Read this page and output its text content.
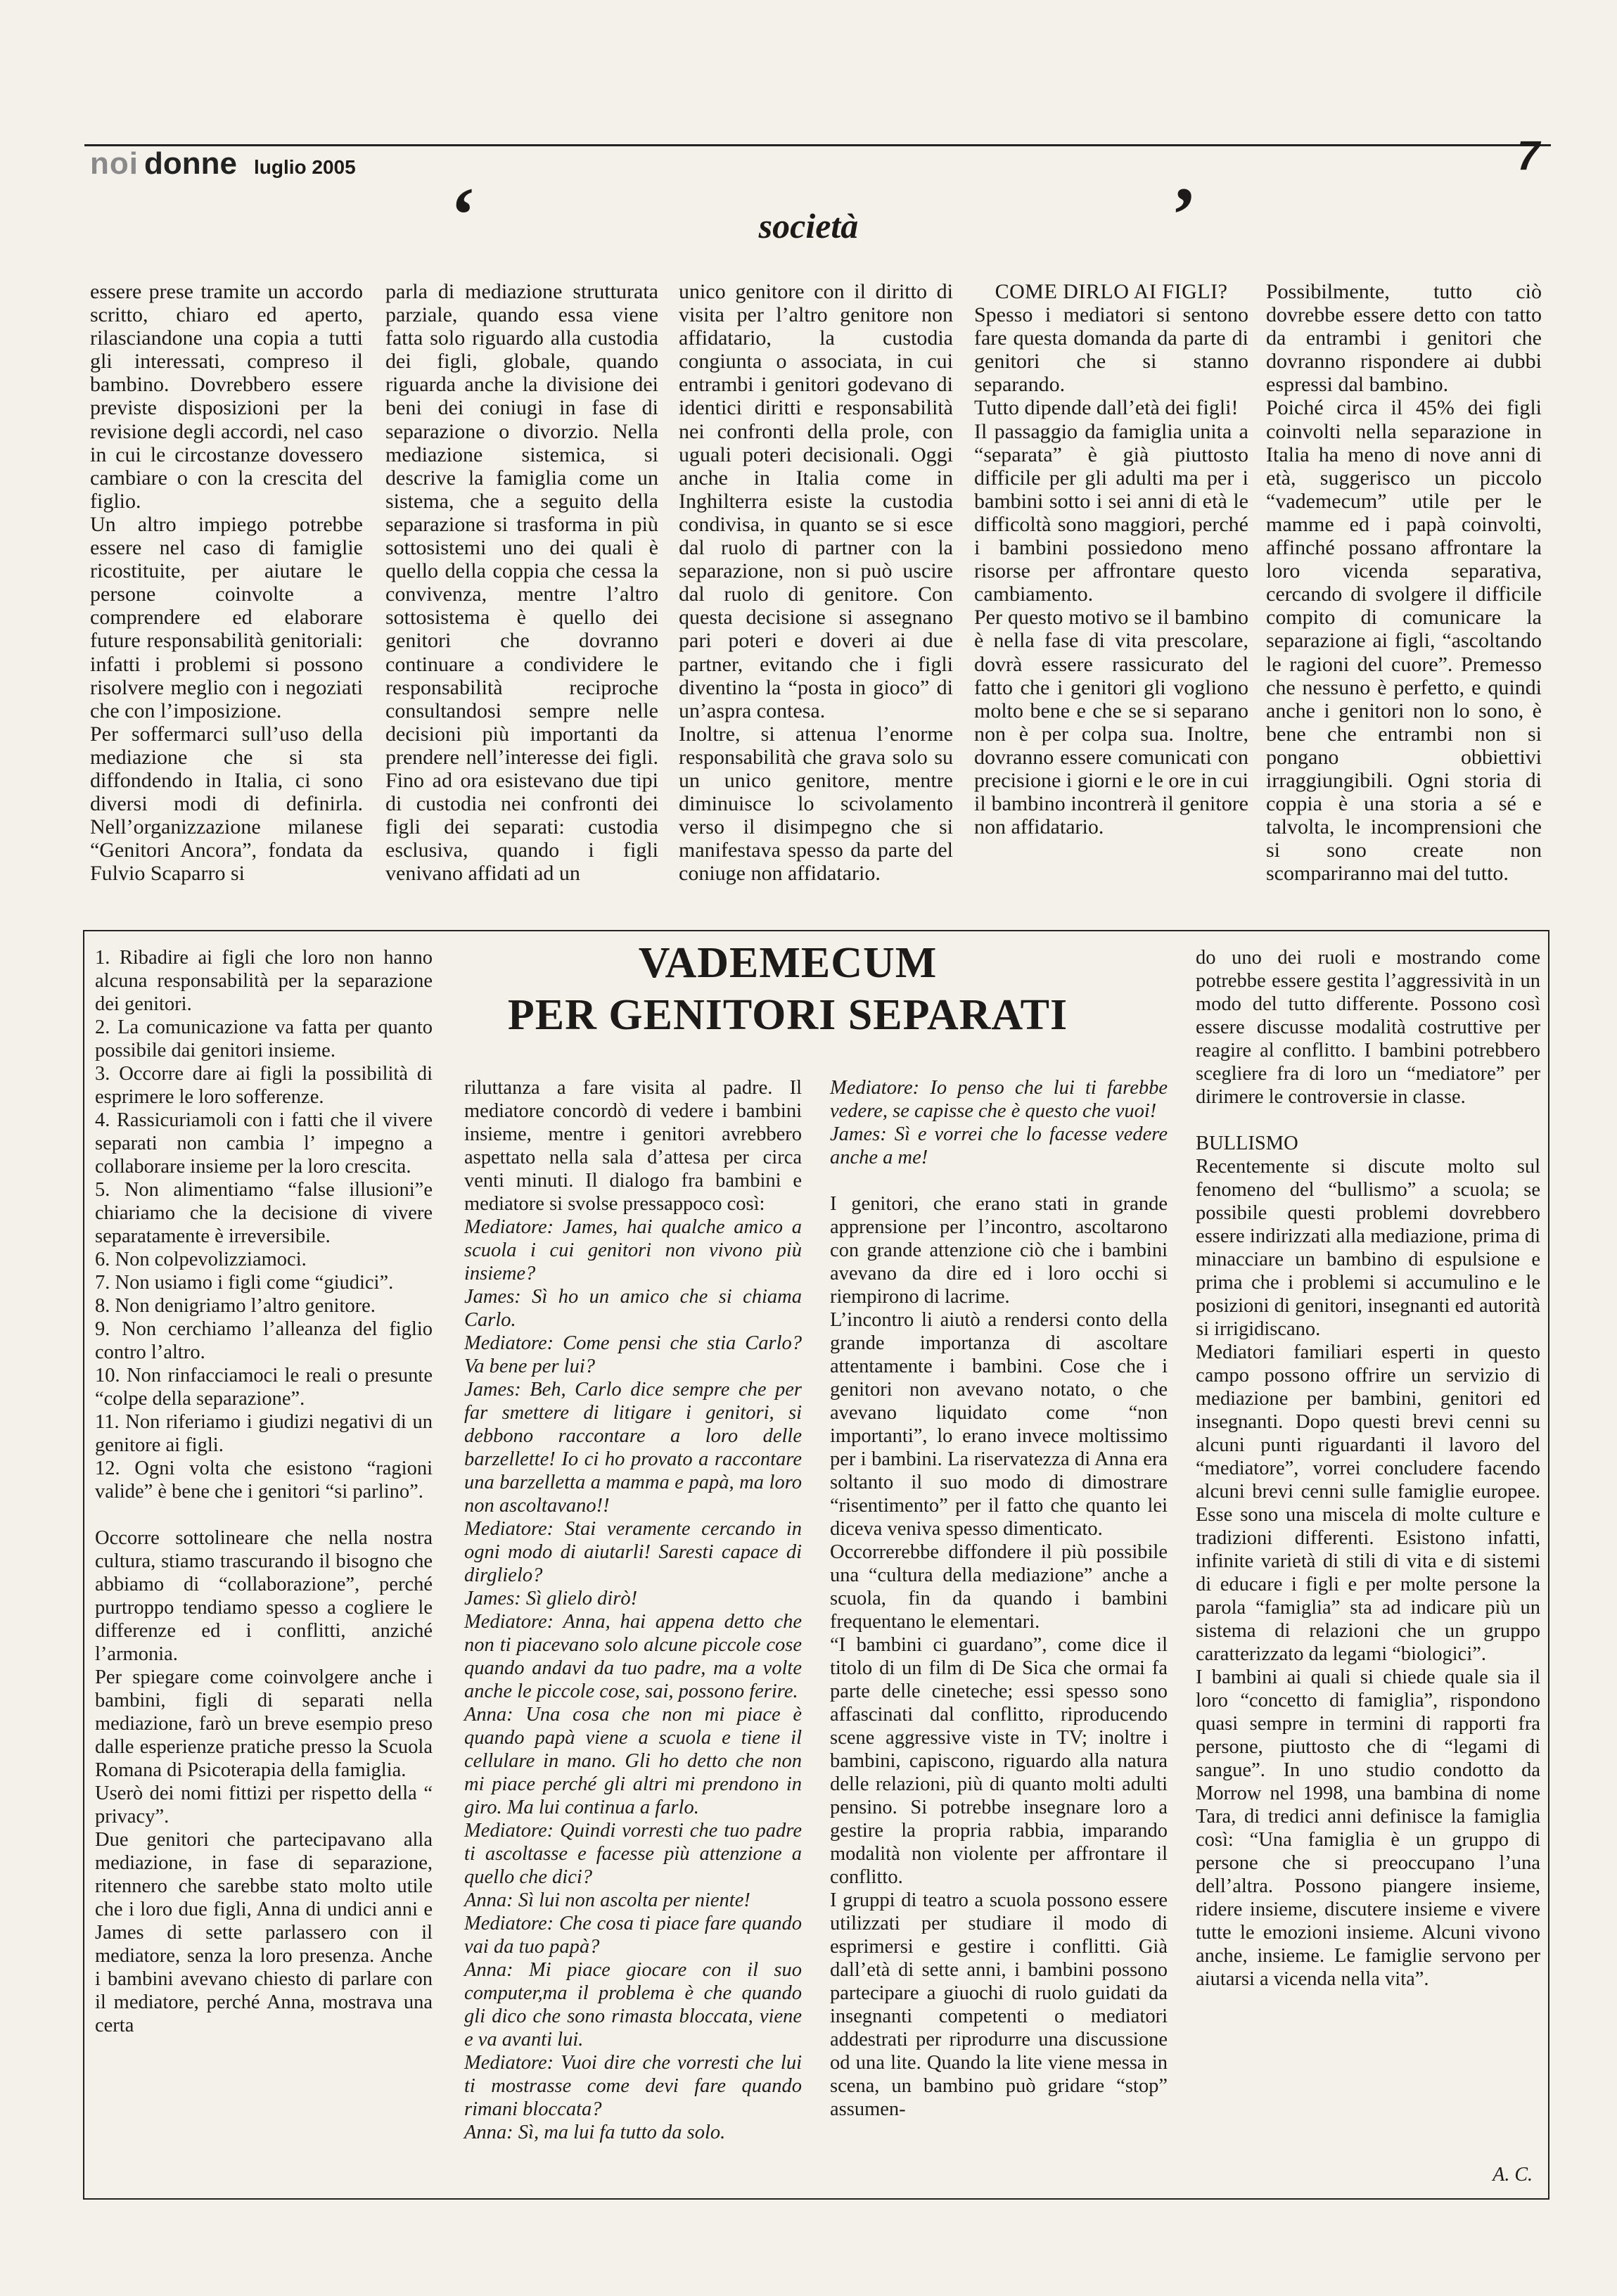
noi donne luglio 2005	7
‘	’
società

essere prese tramite un accordo scritto, chiaro ed aperto, rilasciandone una copia a tutti gli interessati, compreso il bambino. Dovrebbero essere previste disposizioni per la revisione degli accordi, nel caso in cui le circostanze dovessero cambiare o con la crescita del figlio.
Un altro impiego potrebbe essere nel caso di famiglie ricostituite, per aiutare le persone coinvolte a comprendere ed elaborare future responsabilità genitoriali: infatti i problemi si possono risolvere meglio con i negoziati che con l’imposizione.
Per soffermarci sull’uso della mediazione che si sta diffondendo in Italia, ci sono diversi modi di definirla. Nell’organizzazione milanese “Genitori Ancora”, fondata da Fulvio Scaparro si

parla di mediazione strutturata parziale, quando essa viene fatta solo riguardo alla custodia dei figli, globale, quando riguarda anche la divisione dei beni dei coniugi in fase di separazione o divorzio. Nella mediazione sistemica, si descrive la famiglia come un sistema, che a seguito della separazione si trasforma in più sottosistemi uno dei quali è quello della coppia che cessa la convivenza, mentre l’altro sottosistema è quello dei genitori che dovranno continuare a condividere le responsabilità reciproche consultandosi sempre nelle decisioni più importanti da prendere nell’interesse dei figli. Fino ad ora esistevano due tipi di custodia nei confronti dei figli dei separati: custodia esclusiva, quando i figli venivano affidati ad un

unico genitore con il diritto di visita per l’altro genitore non affidatario, la custodia congiunta o associata, in cui entrambi i genitori godevano di identici diritti e responsabilità nei confronti della prole, con uguali poteri decisionali. Oggi anche in Italia come in Inghilterra esiste la custodia condivisa, in quanto se si esce dal ruolo di partner con la separazione, non si può uscire dal ruolo di genitore. Con questa decisione si assegnano pari poteri e doveri ai due partner, evitando che i figli diventino la “posta in gioco” di un’aspra contesa.
Inoltre, si attenua l’enorme responsabilità che grava solo su un unico genitore, mentre diminuisce lo scivolamento verso il disimpegno che si manifestava spesso da parte del coniuge non affidatario.

COME DIRLO AI FIGLI?

Spesso i mediatori si sentono fare questa domanda da parte di genitori che si stanno separando.
Tutto dipende dall’età dei figli!
Il passaggio da famiglia unita a “separata” è già piuttosto difficile per gli adulti ma per i bambini sotto i sei anni di età le difficoltà sono maggiori, perché i bambini possiedono meno risorse per affrontare questo cambiamento.
Per questo motivo se il bambino è nella fase di vita prescolare, dovrà essere rassicurato del fatto che i genitori gli vogliono molto bene e che se si separano non è per colpa sua. Inoltre, dovranno essere comunicati con precisione i giorni e le ore in cui il bambino incontrerà il genitore non affidatario.

Possibilmente, tutto ciò dovrebbe essere detto con tatto da entrambi i genitori che dovranno rispondere ai dubbi espressi dal bambino.
Poiché circa il 45% dei figli coinvolti nella separazione in Italia ha meno di nove anni di età, suggerisco un piccolo “vademecum” utile per le mamme ed i papà coinvolti, affinché possano affrontare la loro vicenda separativa, cercando di svolgere il difficile compito di comunicare la separazione ai figli, “ascoltando le ragioni del cuore”. Premesso che nessuno è perfetto, e quindi anche i genitori non lo sono, è bene che entrambi non si pongano obbiettivi irraggiungibili. Ogni storia di coppia è una storia a sé e talvolta, le incomprensioni che si sono create non scompariranno mai del tutto.

VADEMECUM
PER GENITORI SEPARATI

1. Ribadire ai figli che loro non hanno alcuna responsabilità per la separazione dei genitori.

2. La comunicazione va fatta per quanto possibile dai genitori insieme.

3. Occorre dare ai figli la possibilità di esprimere le loro sofferenze.

4. Rassicuriamoli con i fatti che il vivere separati non cambia l’ impegno a collaborare insieme per la loro crescita.

5. Non alimentiamo “false illusioni”e chiariamo che la decisione di vivere separatamente è irreversibile.

6. Non colpevolizziamoci.

7. Non usiamo i figli come “giudici”.

8. Non denigriamo l’altro genitore.

9. Non cerchiamo l’alleanza del figlio contro l’altro.

10. Non rinfacciamoci le reali o presunte “colpe della separazione”.

11. Non riferiamo i giudizi negativi di un genitore ai figli.

12. Ogni volta che esistono “ragioni valide” è bene che i genitori “si parlino”.

Occorre sottolineare che nella nostra cultura, stiamo trascurando il bisogno che abbiamo di “collaborazione”, perché purtroppo tendiamo spesso a cogliere le differenze ed i conflitti, anziché l’armonia.
Per spiegare come coinvolgere anche i bambini, figli di separati nella mediazione, farò un breve esempio preso dalle esperienze pratiche presso la Scuola Romana di Psicoterapia della famiglia.
Userò dei nomi fittizi per rispetto della “ privacy”.
Due genitori che partecipavano alla mediazione, in fase di separazione, ritennero che sarebbe stato molto utile che i loro due figli, Anna di undici anni e James di sette parlassero con il mediatore, senza la loro presenza. Anche i bambini avevano chiesto di parlare con il mediatore, perché Anna, mostrava una certa

riluttanza a fare visita al padre. Il mediatore concordò di vedere i bambini insieme, mentre i genitori avrebbero aspettato nella sala d’attesa per circa venti minuti. Il dialogo fra bambini e mediatore si svolse pressappoco così:

Mediatore: James, hai qualche amico a scuola i cui genitori non vivono più insieme?
James: Sì ho un amico che si chiama Carlo.
Mediatore: Come pensi che stia Carlo? Va bene per lui?
James: Beh, Carlo dice sempre che per far smettere di litigare i genitori, si debbono raccontare a loro delle barzellette! Io ci ho provato a raccontare una barzelletta a mamma e papà, ma loro non ascoltavano!!
Mediatore: Stai veramente cercando in ogni modo di aiutarli! Saresti capace di dirglielo?
James: Sì glielo dirò!
Mediatore: Anna, hai appena detto che non ti piacevano solo alcune piccole cose quando andavi da tuo padre, ma a volte anche le piccole cose, sai, possono ferire.
Anna: Una cosa che non mi piace è quando papà viene a scuola e tiene il cellulare in mano. Gli ho detto che non mi piace perché gli altri mi prendono in giro. Ma lui continua a farlo.
Mediatore: Quindi vorresti che tuo padre ti ascoltasse e facesse più attenzione a quello che dici?
Anna: Sì lui non ascolta per niente!
Mediatore: Che cosa ti piace fare quando vai da tuo papà?
Anna: Mi piace giocare con il suo computer,ma il problema è che quando gli dico che sono rimasta bloccata, viene e va avanti lui.
Mediatore: Vuoi dire che vorresti che lui ti mostrasse come devi fare quando rimani bloccata?
Anna: Sì, ma lui fa tutto da solo.

Mediatore: Io penso che lui ti farebbe vedere, se capisse che è questo che vuoi!
James: Sì e vorrei che lo facesse vedere anche a me!

I genitori, che erano stati in grande apprensione per l’incontro, ascoltarono con grande attenzione ciò che i bambini avevano da dire ed i loro occhi si riempirono di lacrime.
L’incontro li aiutò a rendersi conto della grande importanza di ascoltare attentamente i bambini. Cose che i genitori non avevano notato, o che avevano liquidato come “non importanti”, lo erano invece moltissimo per i bambini. La riservatezza di Anna era soltanto il suo modo di dimostrare “risentimento” per il fatto che quanto lei diceva veniva spesso dimenticato.
Occorrerebbe diffondere il più possibile una “cultura della mediazione” anche a scuola, fin da quando i bambini frequentano le elementari.
“I bambini ci guardano”, come dice il titolo di un film di De Sica che ormai fa parte delle cineteche; essi spesso sono affascinati dal conflitto, riproducendo scene aggressive viste in TV; inoltre i bambini, capiscono, riguardo alla natura delle relazioni, più di quanto molti adulti pensino. Si potrebbe insegnare loro a gestire la propria rabbia, imparando modalità non violente per affrontare il conflitto.
I gruppi di teatro a scuola possono essere utilizzati per studiare il modo di esprimersi e gestire i conflitti. Già dall’età di sette anni, i bambini possono partecipare a giuochi di ruolo guidati da insegnanti competenti o mediatori addestrati per riprodurre una discussione od una lite. Quando la lite viene messa in scena, un bambino può gridare “stop” assumen-

do uno dei ruoli e mostrando come potrebbe essere gestita l’aggressività in un modo del tutto differente. Possono così essere discusse modalità costruttive per reagire al conflitto. I bambini potrebbero scegliere fra di loro un “mediatore” per dirimere le controversie in classe.

BULLISMO

Recentemente si discute molto sul fenomeno del “bullismo” a scuola; se possibile questi problemi dovrebbero essere indirizzati alla mediazione, prima di minacciare un bambino di espulsione e prima che i problemi si accumulino e le posizioni di genitori, insegnanti ed autorità si irrigidiscano.
Mediatori familiari esperti in questo campo possono offrire un servizio di mediazione per bambini, genitori ed insegnanti. Dopo questi brevi cenni su alcuni punti riguardanti il lavoro del “mediatore”, vorrei concludere facendo alcuni brevi cenni sulle famiglie europee. Esse sono una miscela di molte culture e tradizioni differenti. Esistono infatti, infinite varietà di stili di vita e di sistemi di educare i figli e per molte persone la parola “famiglia” sta ad indicare più un sistema di relazioni che un gruppo caratterizzato da legami “biologici”.
I bambini ai quali si chiede quale sia il loro “concetto di famiglia”, rispondono quasi sempre in termini di rapporti fra persone, piuttosto che di “legami di sangue”. In uno studio condotto da Morrow nel 1998, una bambina di nome Tara, di tredici anni definisce la famiglia così: “Una famiglia è un gruppo di persone che si preoccupano l’una dell’altra. Possono piangere insieme, ridere insieme, discutere insieme e vivere tutte le emozioni insieme. Alcuni vivono anche, insieme. Le famiglie servono per aiutarsi a vicenda nella vita”.

A. C.
